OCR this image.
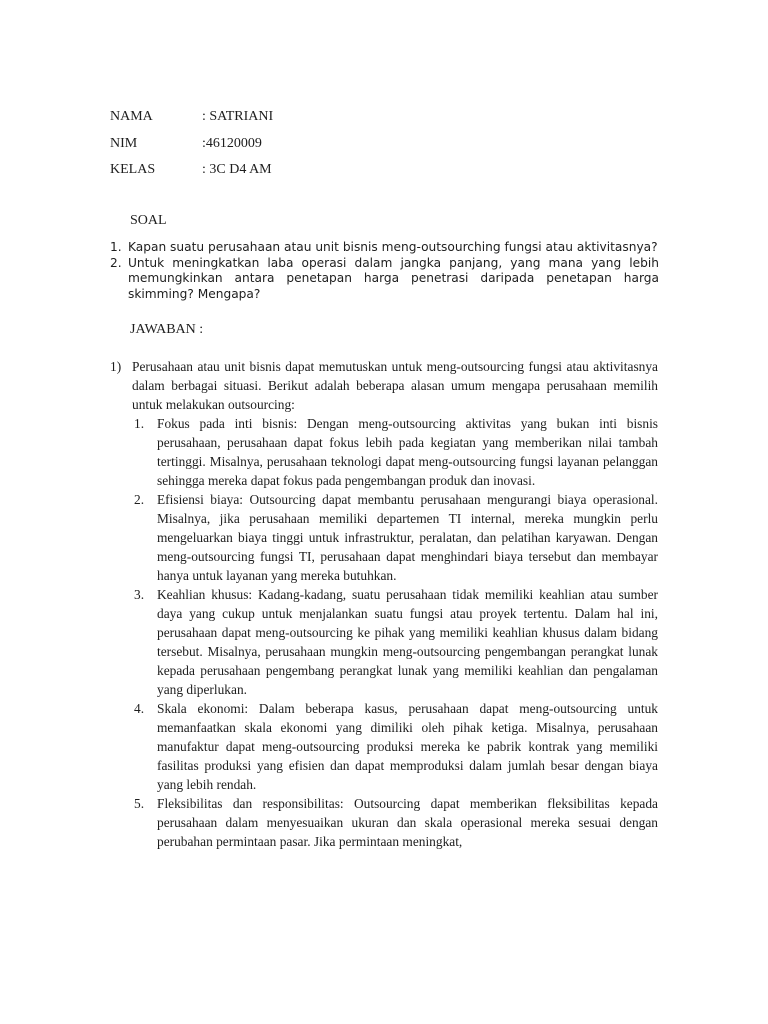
NAMA	: SATRIANI
NIM	:46120009
KELAS	: 3C D4 AM
SOAL
1. Kapan suatu perusahaan atau unit bisnis meng-outsourching fungsi atau aktivitasnya?
2. Untuk meningkatkan laba operasi dalam jangka panjang, yang mana yang lebih memungkinkan antara penetapan harga penetrasi daripada penetapan harga skimming? Mengapa?
JAWABAN :
1) Perusahaan atau unit bisnis dapat memutuskan untuk meng-outsourcing fungsi atau aktivitasnya dalam berbagai situasi. Berikut adalah beberapa alasan umum mengapa perusahaan memilih untuk melakukan outsourcing:
1. Fokus pada inti bisnis: Dengan meng-outsourcing aktivitas yang bukan inti bisnis perusahaan, perusahaan dapat fokus lebih pada kegiatan yang memberikan nilai tambah tertinggi. Misalnya, perusahaan teknologi dapat meng-outsourcing fungsi layanan pelanggan sehingga mereka dapat fokus pada pengembangan produk dan inovasi.
2. Efisiensi biaya: Outsourcing dapat membantu perusahaan mengurangi biaya operasional. Misalnya, jika perusahaan memiliki departemen TI internal, mereka mungkin perlu mengeluarkan biaya tinggi untuk infrastruktur, peralatan, dan pelatihan karyawan. Dengan meng-outsourcing fungsi TI, perusahaan dapat menghindari biaya tersebut dan membayar hanya untuk layanan yang mereka butuhkan.
3. Keahlian khusus: Kadang-kadang, suatu perusahaan tidak memiliki keahlian atau sumber daya yang cukup untuk menjalankan suatu fungsi atau proyek tertentu. Dalam hal ini, perusahaan dapat meng-outsourcing ke pihak yang memiliki keahlian khusus dalam bidang tersebut. Misalnya, perusahaan mungkin meng-outsourcing pengembangan perangkat lunak kepada perusahaan pengembang perangkat lunak yang memiliki keahlian dan pengalaman yang diperlukan.
4. Skala ekonomi: Dalam beberapa kasus, perusahaan dapat meng-outsourcing untuk memanfaatkan skala ekonomi yang dimiliki oleh pihak ketiga. Misalnya, perusahaan manufaktur dapat meng-outsourcing produksi mereka ke pabrik kontrak yang memiliki fasilitas produksi yang efisien dan dapat memproduksi dalam jumlah besar dengan biaya yang lebih rendah.
5. Fleksibilitas dan responsibilitas: Outsourcing dapat memberikan fleksibilitas kepada perusahaan dalam menyesuaikan ukuran dan skala operasional mereka sesuai dengan perubahan permintaan pasar. Jika permintaan meningkat,
